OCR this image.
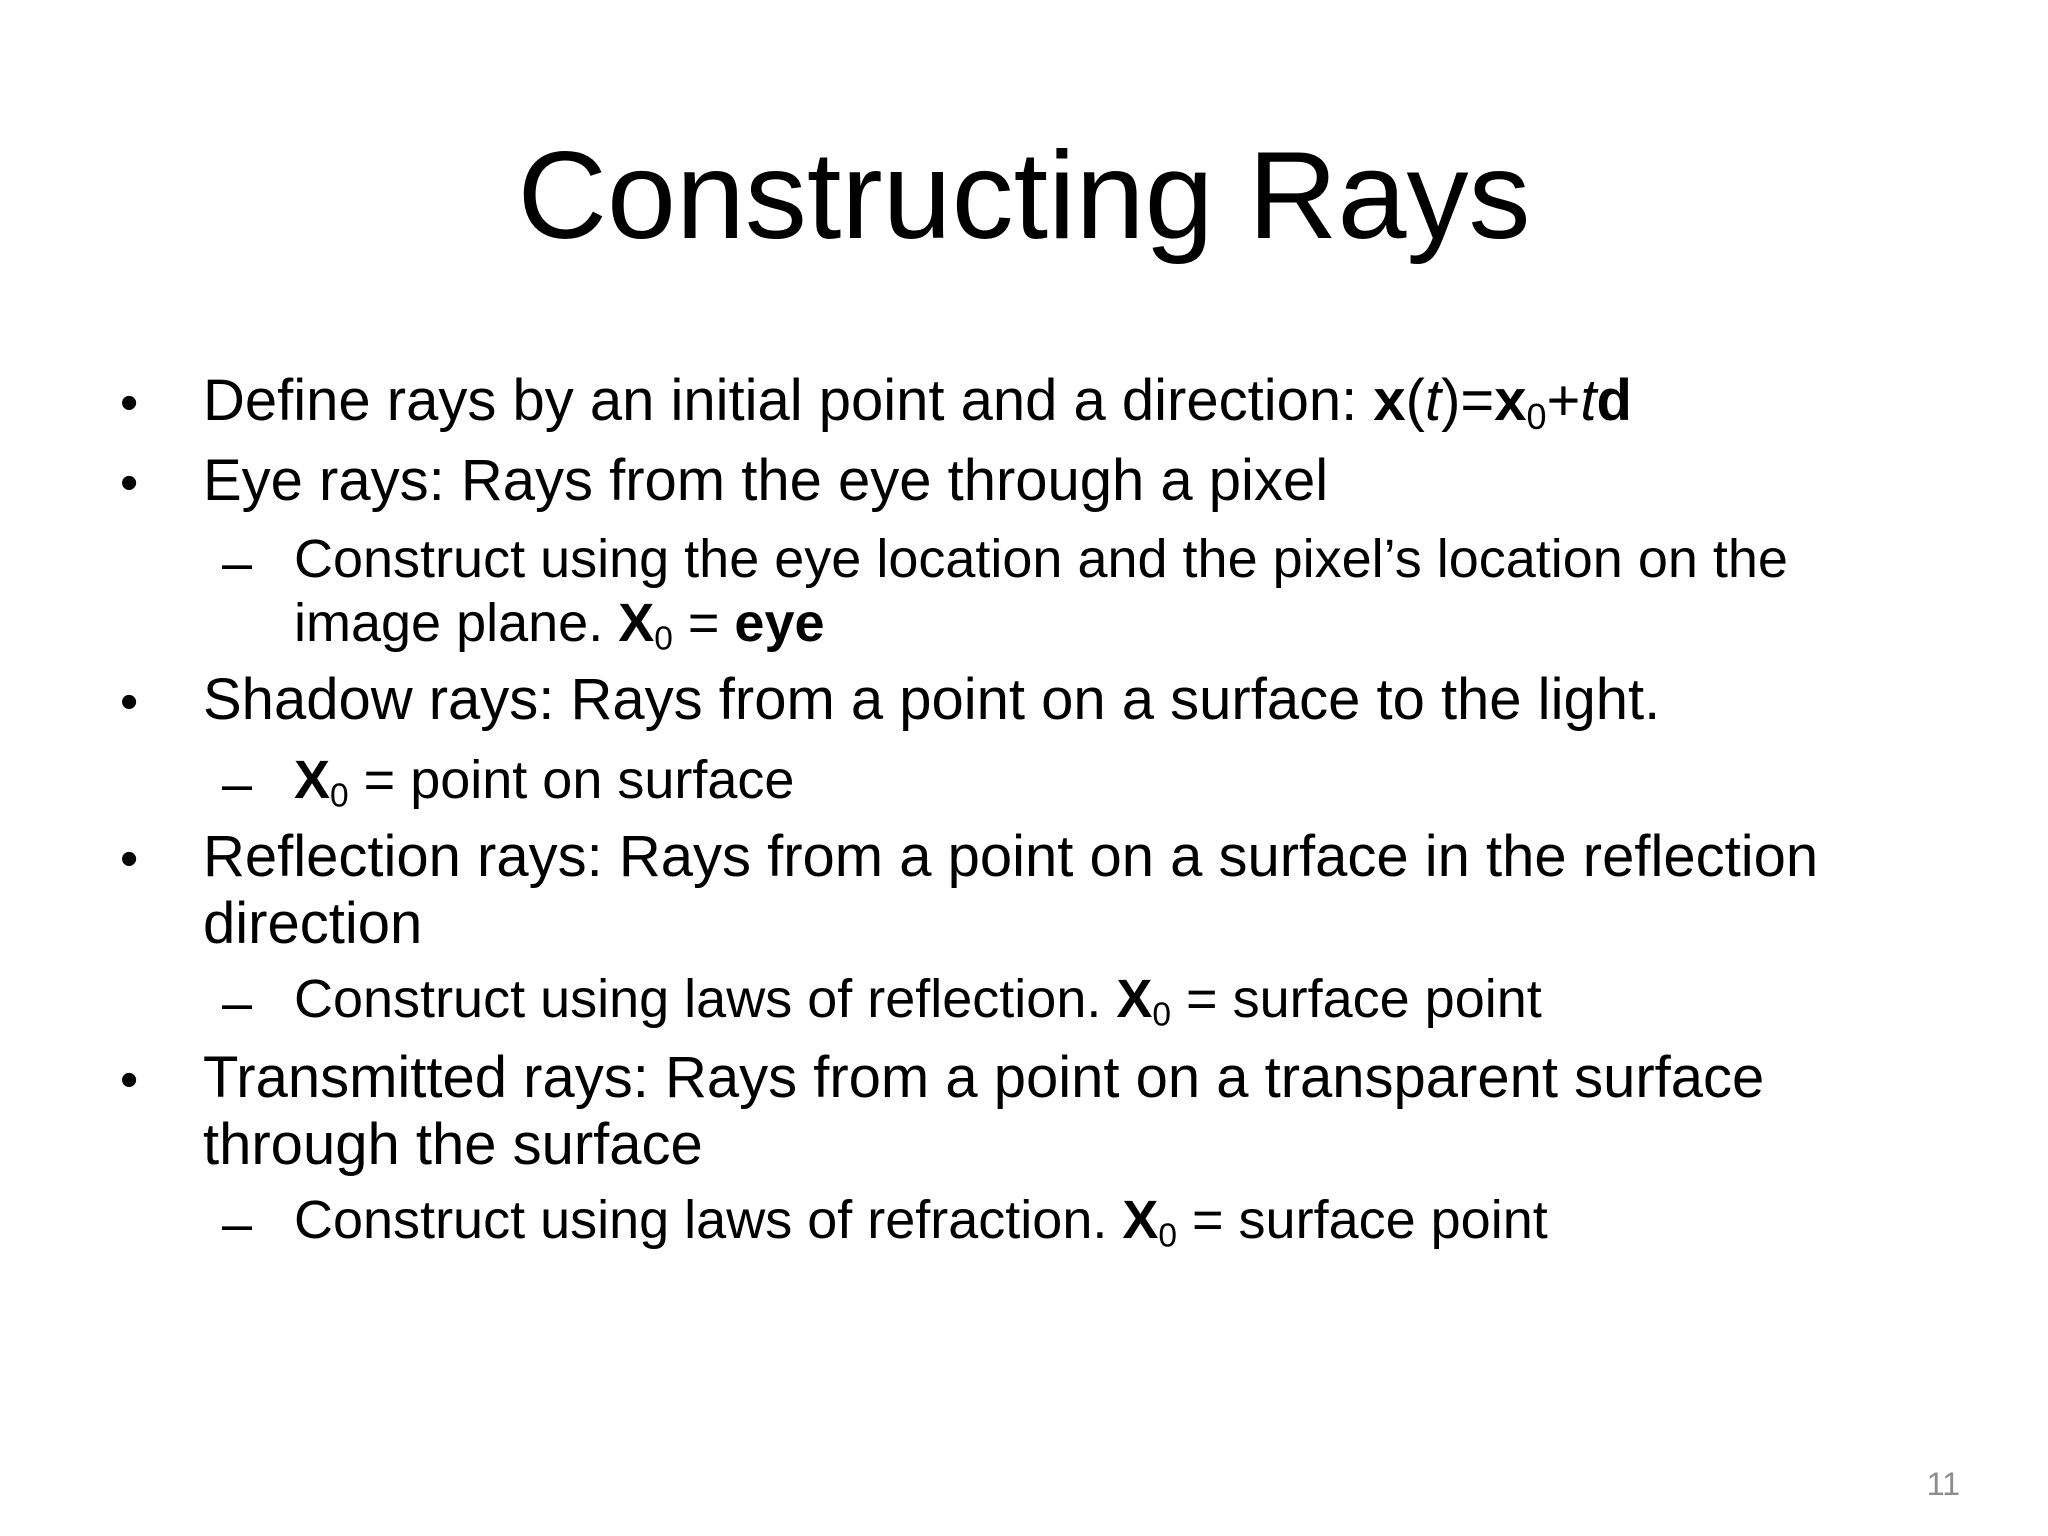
Constructing Rays
• Define rays by an initial point and a direction: $x(t)=x_0+td$
• Eye rays: Rays from the eye through a pixel
– Construct using the eye location and the pixel’s location on the
image plane. $X_0$ = eye
• Shadow rays: Rays from a point on a surface to the light.
– $X_0$ = point on surface
• Reflection rays: Rays from a point on a surface in the reflection
direction
– Construct using laws of reflection. $X_0$ = surface point
• Transmitted rays: Rays from a point on a transparent surface
through the surface
– Construct using laws of refraction. $X_0$ = surface point
11
